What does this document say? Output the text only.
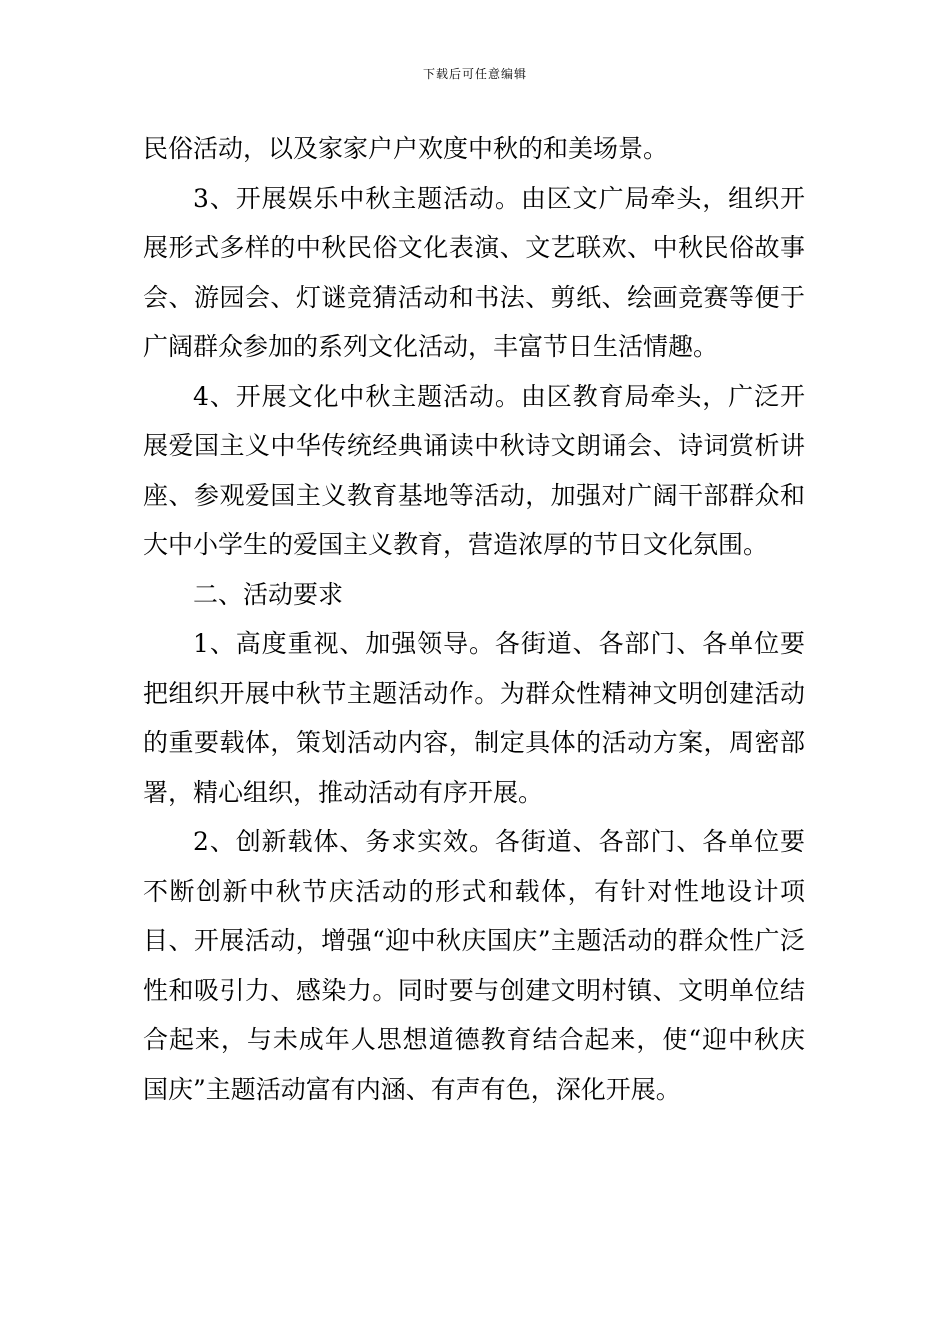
下载后可任意编辑

民俗活动，以及家家户户欢度中秋的和美场景。

3、开展娱乐中秋主题活动。由区文广局牵头，组织开展形式多样的中秋民俗文化表演、文艺联欢、中秋民俗故事会、游园会、灯谜竞猜活动和书法、剪纸、绘画竞赛等便于广阔群众参加的系列文化活动，丰富节日生活情趣。

4、开展文化中秋主题活动。由区教育局牵头，广泛开展爱国主义中华传统经典诵读中秋诗文朗诵会、诗词赏析讲座、参观爱国主义教育基地等活动，加强对广阔干部群众和大中小学生的爱国主义教育，营造浓厚的节日文化氛围。

二、活动要求

1、高度重视、加强领导。各街道、各部门、各单位要把组织开展中秋节主题活动作。为群众性精神文明创建活动的重要载体，策划活动内容，制定具体的活动方案，周密部署，精心组织，推动活动有序开展。

2、创新载体、务求实效。各街道、各部门、各单位要不断创新中秋节庆活动的形式和载体，有针对性地设计项目、开展活动，增强“迎中秋庆国庆”主题活动的群众性广泛性和吸引力、感染力。同时要与创建文明村镇、文明单位结合起来，与未成年人思想道德教育结合起来，使“迎中秋庆国庆”主题活动富有内涵、有声有色，深化开展。
